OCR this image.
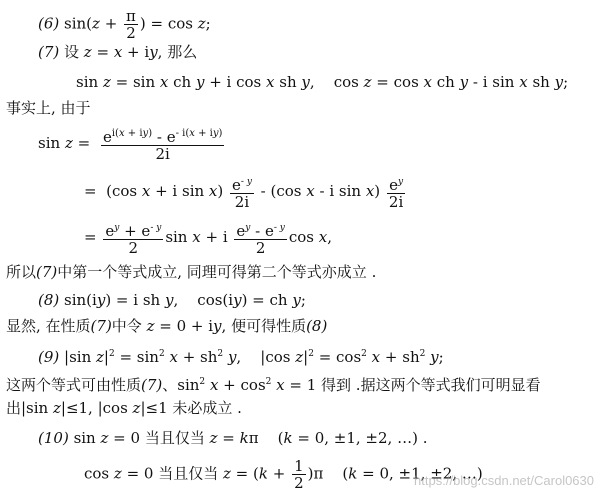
(6) $\sin(z + \frac{\pi}{2}$ ) = cos z;
(7) 设 z = x + iy, 那么
sin z = sin x ch y + i cos x sh y,    cos z = cos x ch y - i sin x sh y;
事实上, 由于
$\sin z = \frac{e^{i(x + iy)} - e^{- i(x + iy)}}{2i}$
=  (cos x + i $\sin x) \frac{e^{- y}}{2i} - (\cos$ x - i $\sin x) \frac{e^y}{2i}$
= $\frac{e^y + e^{- y}}{2}$ sin x + i $\frac{e^y - e^{- y}}{2}$ cos x,
所以(7)中第一个等式成立, 同理可得第二个等式亦成立 .
(8) sin(iy) = i sh y,    cos(iy) = ch y;
显然, 在性质(7)中令 z = 0 + iy, 便可得性质(8)
(9) |sin $z|^2 = \sin^2 x + sh^2$ y,    |cos $z|^2 = \cos^2 x + sh^2$ y;
这两个等式可由性质(7)、$\sin^2 x + \cos^2 x = 1$ 得到 .据这两个等式我们可明显看
出|sin z|≤1, |cos z|≤1 未必成立 .
(10) sin z = 0 当且仅当 z = kπ    (k = 0, ±1, ±2, …) .
cos z = 0 当且仅当 $z = (k + \frac{1}{2} )\pi$    (k = 0, ±1, ±2, …)
https://blog.csdn.net/Carol0630
